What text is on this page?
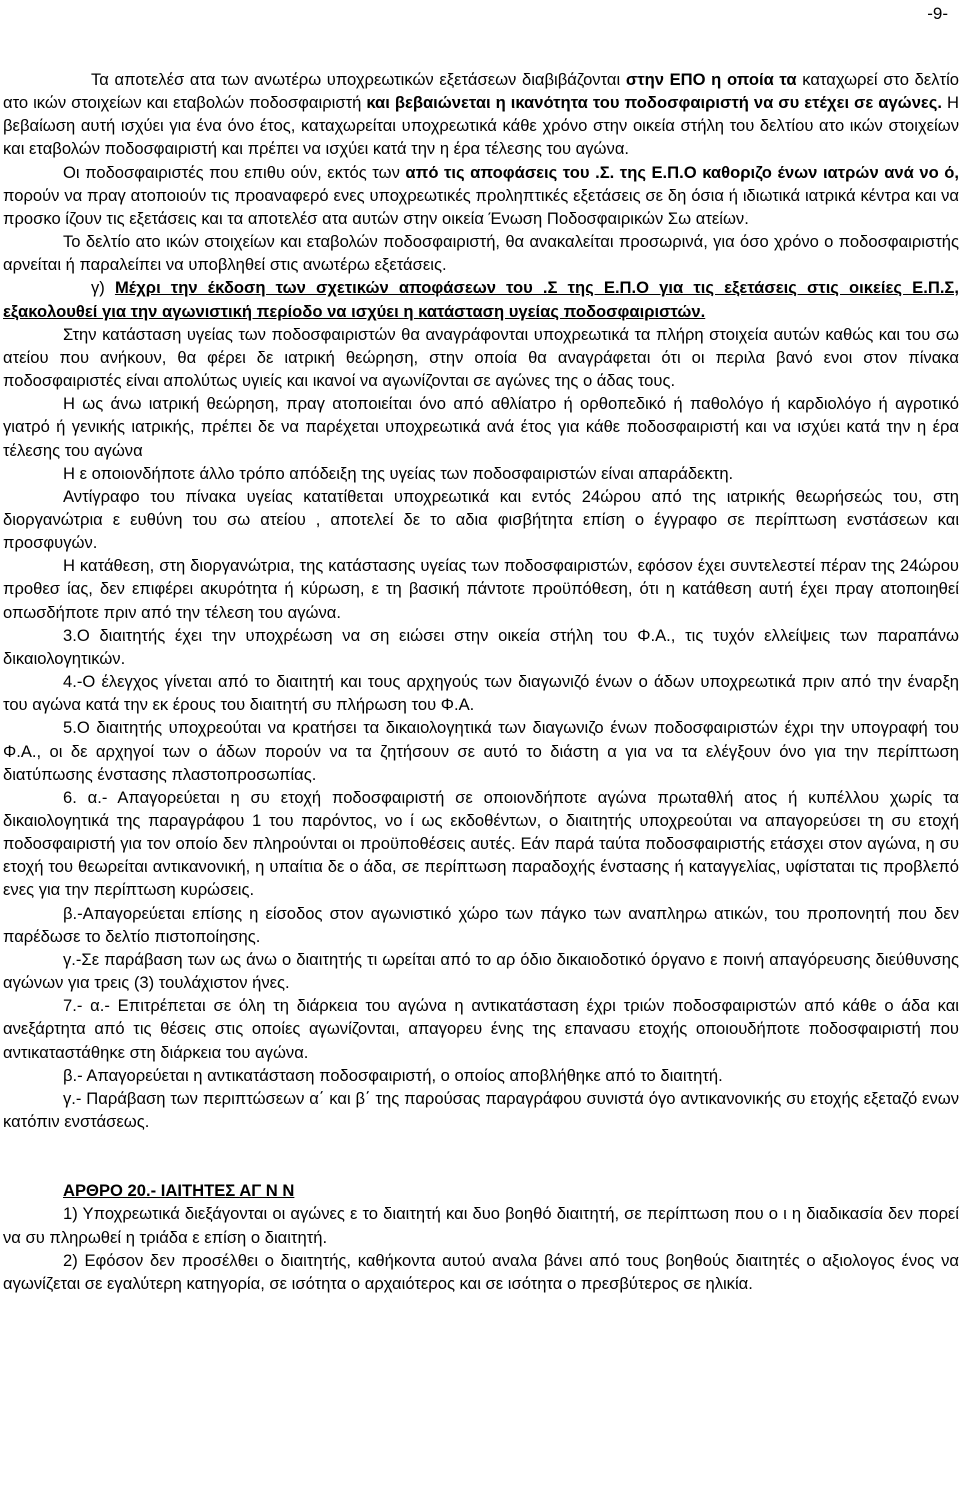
-9-

Τα αποτελέσ ατα των ανωτέρω υποχρεωτικών εξετάσεων διαβιβάζονται στην ΕΠΟ η οποία τα καταχωρεί στο δελτίο ατο ικών στοιχείων και εταβολών ποδοσφαιριστή και βεβαιώνεται η ικανότητα του ποδοσφαιριστή να συ ετέχει σε αγώνες. Η βεβαίωση αυτή ισχύει για ένα όνο έτος, καταχωρείται υποχρεωτικά κάθε χρόνο στην οικεία στήλη του δελτίου ατο ικών στοιχείων και εταβολών ποδοσφαιριστή και πρέπει να ισχύει κατά την η έρα τέλεσης του αγώνα.

Οι ποδοσφαιριστές που επιθυ ούν, εκτός των από τις αποφάσεις του .Σ. της Ε.Π.Ο καθοριζο ένων ιατρών ανά νο ό, πορούν να πραγ ατοποιούν τις προαναφερό ενες υποχρεωτικές προληπτικές εξετάσεις σε δη όσια ή ιδιωτικά ιατρικά κέντρα και να προσκο ίζουν τις εξετάσεις και τα αποτελέσ ατα αυτών στην οικεία Ένωση Ποδοσφαιρικών Σω ατείων.

Το δελτίο ατο ικών στοιχείων και εταβολών ποδοσφαιριστή, θα ανακαλείται προσωρινά, για όσο χρόνο ο ποδοσφαιριστής αρνείται ή παραλείπει να υποβληθεί στις ανωτέρω εξετάσεις.

γ) Μέχρι την έκδοση των σχετικών αποφάσεων του .Σ της Ε.Π.Ο για τις εξετάσεις στις οικείες Ε.Π.Σ, εξακολουθεί για την αγωνιστική περίοδο να ισχύει η κατάσταση υγείας ποδοσφαιριστών.

Στην κατάσταση υγείας των ποδοσφαιριστών θα αναγράφονται υποχρεωτικά τα πλήρη στοιχεία αυτών καθώς και του σω ατείου που ανήκουν, θα φέρει δε ιατρική θεώρηση, στην οποία θα αναγράφεται ότι οι περιλα βανό ενοι στον πίνακα ποδοσφαιριστές είναι απολύτως υγιείς και ικανοί να αγωνίζονται σε αγώνες της ο άδας τους.

Η ως άνω ιατρική θεώρηση, πραγ ατοποιείται όνο από αθλίατρο ή ορθοπεδικό ή παθολόγο ή καρδιολόγο ή αγροτικό γιατρό ή γενικής ιατρικής, πρέπει δε να παρέχεται υποχρεωτικά ανά έτος για κάθε ποδοσφαιριστή και να ισχύει κατά την η έρα τέλεσης του αγώνα

Η ε οποιονδήποτε άλλο τρόπο απόδειξη της υγείας των ποδοσφαιριστών είναι απαράδεκτη.

Αντίγραφο του πίνακα υγείας κατατίθεται υποχρεωτικά και εντός 24ώρου από της ιατρικής θεωρήσεώς του, στη διοργανώτρια ε ευθύνη του σω ατείου , αποτελεί δε το αδια φισβήτητα επίση ο έγγραφο σε περίπτωση ενστάσεων και προσφυγών.

Η κατάθεση, στη διοργανώτρια, της κατάστασης υγείας των ποδοσφαιριστών, εφόσον έχει συντελεστεί πέραν της 24ώρου προθεσ ίας, δεν επιφέρει ακυρότητα ή κύρωση, ε τη βασική πάντοτε προϋπόθεση, ότι η κατάθεση αυτή έχει πραγ ατοποιηθεί οπωσδήποτε πριν από την τέλεση του αγώνα.

3.Ο διαιτητής έχει την υποχρέωση να ση ειώσει στην οικεία στήλη του Φ.Α., τις τυχόν ελλείψεις των παραπάνω δικαιολογητικών.

4.-Ο έλεγχος γίνεται από το διαιτητή και τους αρχηγούς των διαγωνιζό ένων ο άδων υποχρεωτικά πριν από την έναρξη του αγώνα κατά την εκ έρους του διαιτητή συ πλήρωση του Φ.Α.

5.Ο διαιτητής υποχρεούται να κρατήσει τα δικαιολογητικά των διαγωνιζο ένων ποδοσφαιριστών έχρι την υπογραφή του Φ.Α., οι δε αρχηγοί των ο άδων πορούν να τα ζητήσουν σε αυτό το διάστη α για να τα ελέγξουν όνο για την περίπτωση διατύπωσης ένστασης πλαστοπροσωπίας.

6. α.- Απαγορεύεται η συ ετοχή ποδοσφαιριστή σε οποιονδήποτε αγώνα πρωταθλή ατος ή κυπέλλου χωρίς τα δικαιολογητικά της παραγράφου 1 του παρόντος, νο ί ως εκδοθέντων, ο διαιτητής υποχρεούται να απαγορεύσει τη συ ετοχή ποδοσφαιριστή για τον οποίο δεν πληρούνται οι προϋποθέσεις αυτές. Εάν παρά ταύτα ποδοσφαιριστής ετάσχει στον αγώνα, η συ ετοχή του θεωρείται αντικανονική, η υπαίτια δε ο άδα, σε περίπτωση παραδοχής ένστασης ή καταγγελίας, υφίσταται τις προβλεπό ενες για την περίπτωση κυρώσεις.

β.-Απαγορεύεται επίσης η είσοδος στον αγωνιστικό χώρο των πάγκο των αναπληρω ατικών, του προπονητή που δεν παρέδωσε το δελτίο πιστοποίησης.

γ.-Σε παράβαση των ως άνω ο διαιτητής τι ωρείται από το αρ όδιο δικαιοδοτικό όργανο ε ποινή απαγόρευσης διεύθυνσης αγώνων για τρεις (3) τουλάχιστον ήνες.

7.- α.- Επιτρέπεται σε όλη τη διάρκεια του αγώνα η αντικατάσταση έχρι τριών ποδοσφαιριστών από κάθε ο άδα και ανεξάρτητα από τις θέσεις στις οποίες αγωνίζονται, απαγορευ ένης της επανασυ ετοχής οποιουδήποτε ποδοσφαιριστή που αντικαταστάθηκε στη διάρκεια του αγώνα.

β.- Απαγορεύεται η αντικατάσταση ποδοσφαιριστή, ο οποίος αποβλήθηκε από το διαιτητή.

γ.- Παράβαση των περιπτώσεων α΄ και β΄ της παρούσας παραγράφου συνιστά όγο αντικανονικής συ ετοχής εξεταζό ενων κατόπιν ενστάσεως.

ΑΡΘΡΟ 20.- ΙΑΙΤΗΤΕΣ ΑΓ Ν Ν

1) Υποχρεωτικά διεξάγονται οι αγώνες ε το διαιτητή και δυο βοηθό διαιτητή, σε περίπτωση που ο ι η διαδικασία δεν πορεί να συ πληρωθεί η τριάδα ε επίση ο διαιτητή.

2) Εφόσον δεν προσέλθει ο διαιτητής, καθήκοντα αυτού αναλα βάνει από τους βοηθούς διαιτητές ο αξιολογος ένος να αγωνίζεται σε εγαλύτερη κατηγορία, σε ισότητα ο αρχαιότερος και σε ισότητα ο πρεσβύτερος σε ηλικία.
